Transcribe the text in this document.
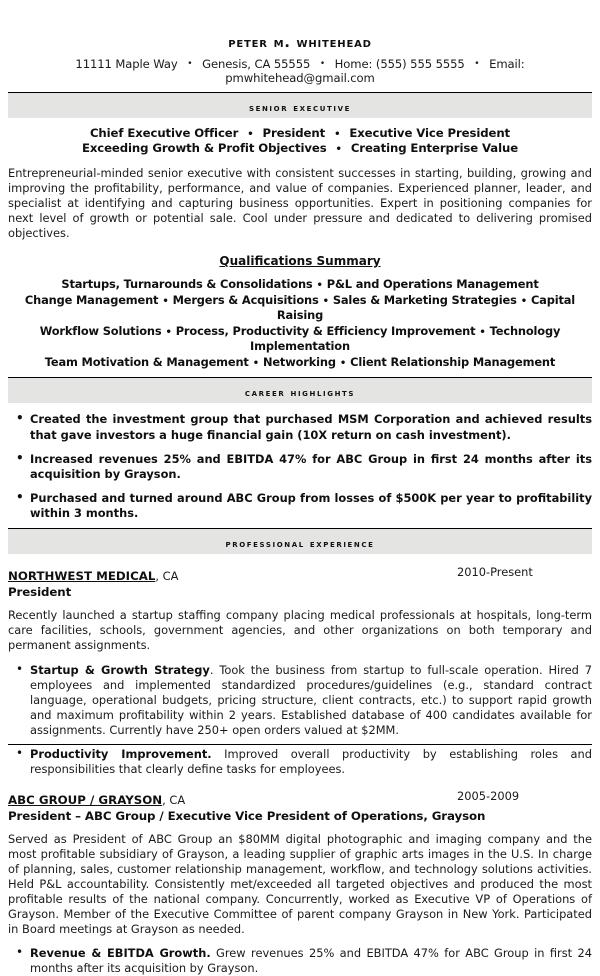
peter m. whitehead
11111 Maple Way • Genesis, CA 55555 • Home: (555) 555 5555 • Email: pmwhitehead@gmail.com
senior executive
Chief Executive Officer • President • Executive Vice President
Exceeding Growth & Profit Objectives • Creating Enterprise Value
Entrepreneurial-minded senior executive with consistent successes in starting, building, growing and improving the profitability, performance, and value of companies. Experienced planner, leader, and specialist at identifying and capturing business opportunities. Expert in positioning companies for next level of growth or potential sale. Cool under pressure and dedicated to delivering promised objectives.
Qualifications Summary
Startups, Turnarounds & Consolidations • P&L and Operations Management
Change Management • Mergers & Acquisitions • Sales & Marketing Strategies • Capital Raising
Workflow Solutions • Process, Productivity & Efficiency Improvement • Technology Implementation
Team Motivation & Management • Networking • Client Relationship Management
career highlights
• Created the investment group that purchased MSM Corporation and achieved results that gave investors a huge financial gain (10X return on cash investment).
• Increased revenues 25% and EBITDA 47% for ABC Group in first 24 months after its acquisition by Grayson.
• Purchased and turned around ABC Group from losses of $500K per year to profitability within 3 months.
professional experience
NORTHWEST MEDICAL, CA	2010-Present
President
Recently launched a startup staffing company placing medical professionals at hospitals, long-term care facilities, schools, government agencies, and other organizations on both temporary and permanent assignments.
• Startup & Growth Strategy. Took the business from startup to full-scale operation. Hired 7 employees and implemented standardized procedures/guidelines (e.g., standard contract language, operational budgets, pricing structure, client contracts, etc.) to support rapid growth and maximum profitability within 2 years. Established database of 400 candidates available for assignments. Currently have 250+ open orders valued at $2MM.
• Productivity Improvement. Improved overall productivity by establishing roles and responsibilities that clearly define tasks for employees.
ABC GROUP / GRAYSON, CA	2005-2009
President – ABC Group / Executive Vice President of Operations, Grayson
Served as President of ABC Group an $80MM digital photographic and imaging company and the most profitable subsidiary of Grayson, a leading supplier of graphic arts images in the U.S. In charge of planning, sales, customer relationship management, workflow, and technology solutions activities. Held P&L accountability. Consistently met/exceeded all targeted objectives and produced the most profitable results of the national company. Concurrently, worked as Executive VP of Operations of Grayson. Member of the Executive Committee of parent company Grayson in New York. Participated in Board meetings at Grayson as needed.
• Revenue & EBITDA Growth. Grew revenues 25% and EBITDA 47% for ABC Group in first 24 months after its acquisition by Grayson.
